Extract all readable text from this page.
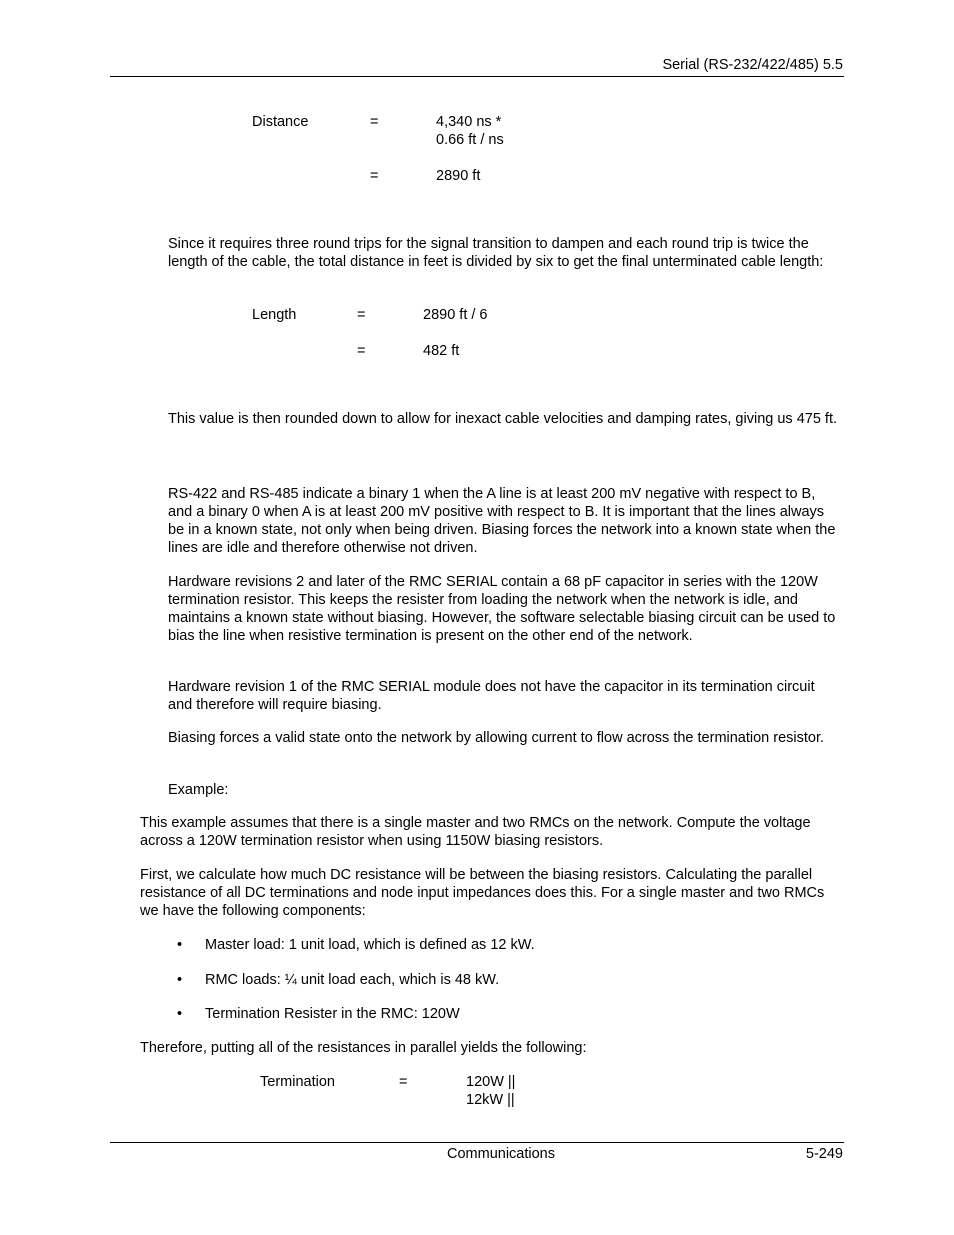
Serial (RS-232/422/485) 5.5
Distance	=	4,340 ns *
0.66 ft / ns
=	2890 ft
Since it requires three round trips for the signal transition to dampen and each round trip is twice the length of the cable, the total distance in feet is divided by six to get the final unterminated cable length:
Length	=	2890 ft / 6
=	482 ft
This value is then rounded down to allow for inexact cable velocities and damping rates, giving us 475 ft.
RS-422 and RS-485 indicate a binary 1 when the A line is at least 200 mV negative with respect to B, and a binary 0 when A is at least 200 mV positive with respect to B. It is important that the lines always be in a known state, not only when being driven. Biasing forces the network into a known state when the lines are idle and therefore otherwise not driven.
Hardware revisions 2 and later of the RMC SERIAL contain a 68 pF capacitor in series with the 120W termination resistor. This keeps the resister from loading the network when the network is idle, and maintains a known state without biasing. However, the software selectable biasing circuit can be used to bias the line when resistive termination is present on the other end of the network.
Hardware revision 1 of the RMC SERIAL module does not have the capacitor in its termination circuit and therefore will require biasing.
Biasing forces a valid state onto the network by allowing current to flow across the termination resistor.
Example:
This example assumes that there is a single master and two RMCs on the network. Compute the voltage across a 120W termination resistor when using 1150W biasing resistors.
First, we calculate how much DC resistance will be between the biasing resistors. Calculating the parallel resistance of all DC terminations and node input impedances does this. For a single master and two RMCs we have the following components:
• Master load: 1 unit load, which is defined as 12 kW.
• RMC loads: ¼ unit load each, which is 48 kW.
• Termination Resister in the RMC: 120W
Therefore, putting all of the resistances in parallel yields the following:
Termination	=	120W ||
12kW ||
Communications	5-249
